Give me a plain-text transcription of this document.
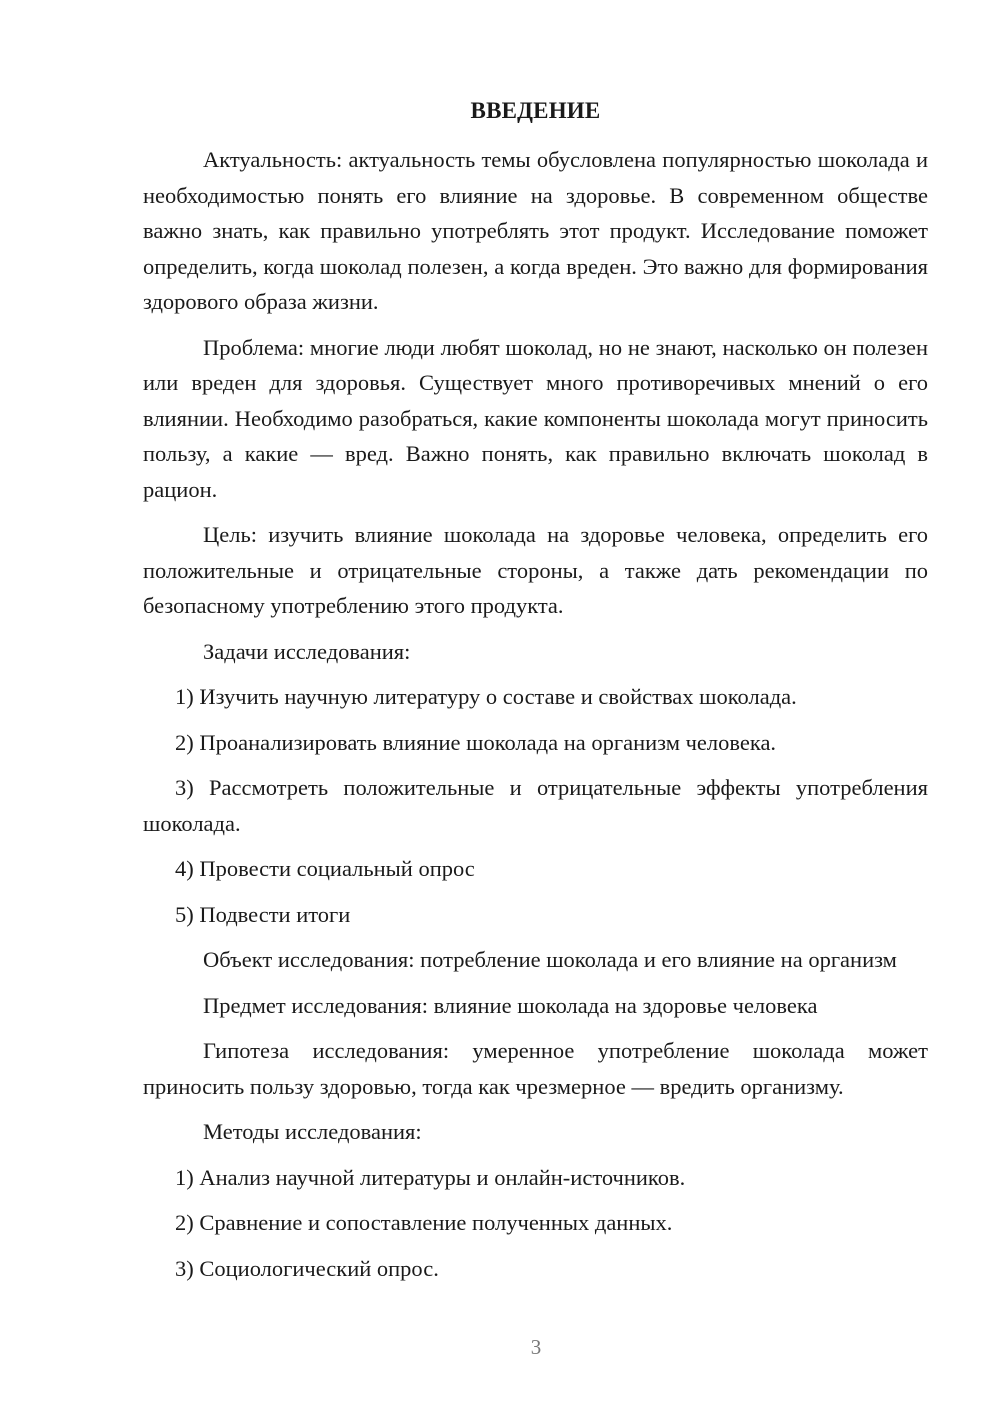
ВВЕДЕНИЕ

Актуальность: актуальность темы обусловлена популярностью шоколада и необходимостью понять его влияние на здоровье. В современном обществе важно знать, как правильно употреблять этот продукт. Исследование поможет определить, когда шоколад полезен, а когда вреден. Это важно для формирования здорового образа жизни.

Проблема: многие люди любят шоколад, но не знают, насколько он полезен или вреден для здоровья. Существует много противоречивых мнений о его влиянии. Необходимо разобраться, какие компоненты шоколада могут приносить пользу, а какие — вред. Важно понять, как правильно включать шоколад в рацион.

Цель: изучить влияние шоколада на здоровье человека, определить его положительные и отрицательные стороны, а также дать рекомендации по безопасному употреблению этого продукта.

Задачи исследования:

1) Изучить научную литературу о составе и свойствах шоколада.

2) Проанализировать влияние шоколада на организм человека.

3) Рассмотреть положительные и отрицательные эффекты употребления шоколада.

4) Провести социальный опрос

5) Подвести итоги

Объект исследования: потребление шоколада и его влияние на организм

Предмет исследования: влияние шоколада на здоровье человека

Гипотеза исследования: умеренное употребление шоколада может приносить пользу здоровью, тогда как чрезмерное — вредить организму.

Методы исследования:

1) Анализ научной литературы и онлайн-источников.

2) Сравнение и сопоставление полученных данных.

3) Социологический опрос.

3
